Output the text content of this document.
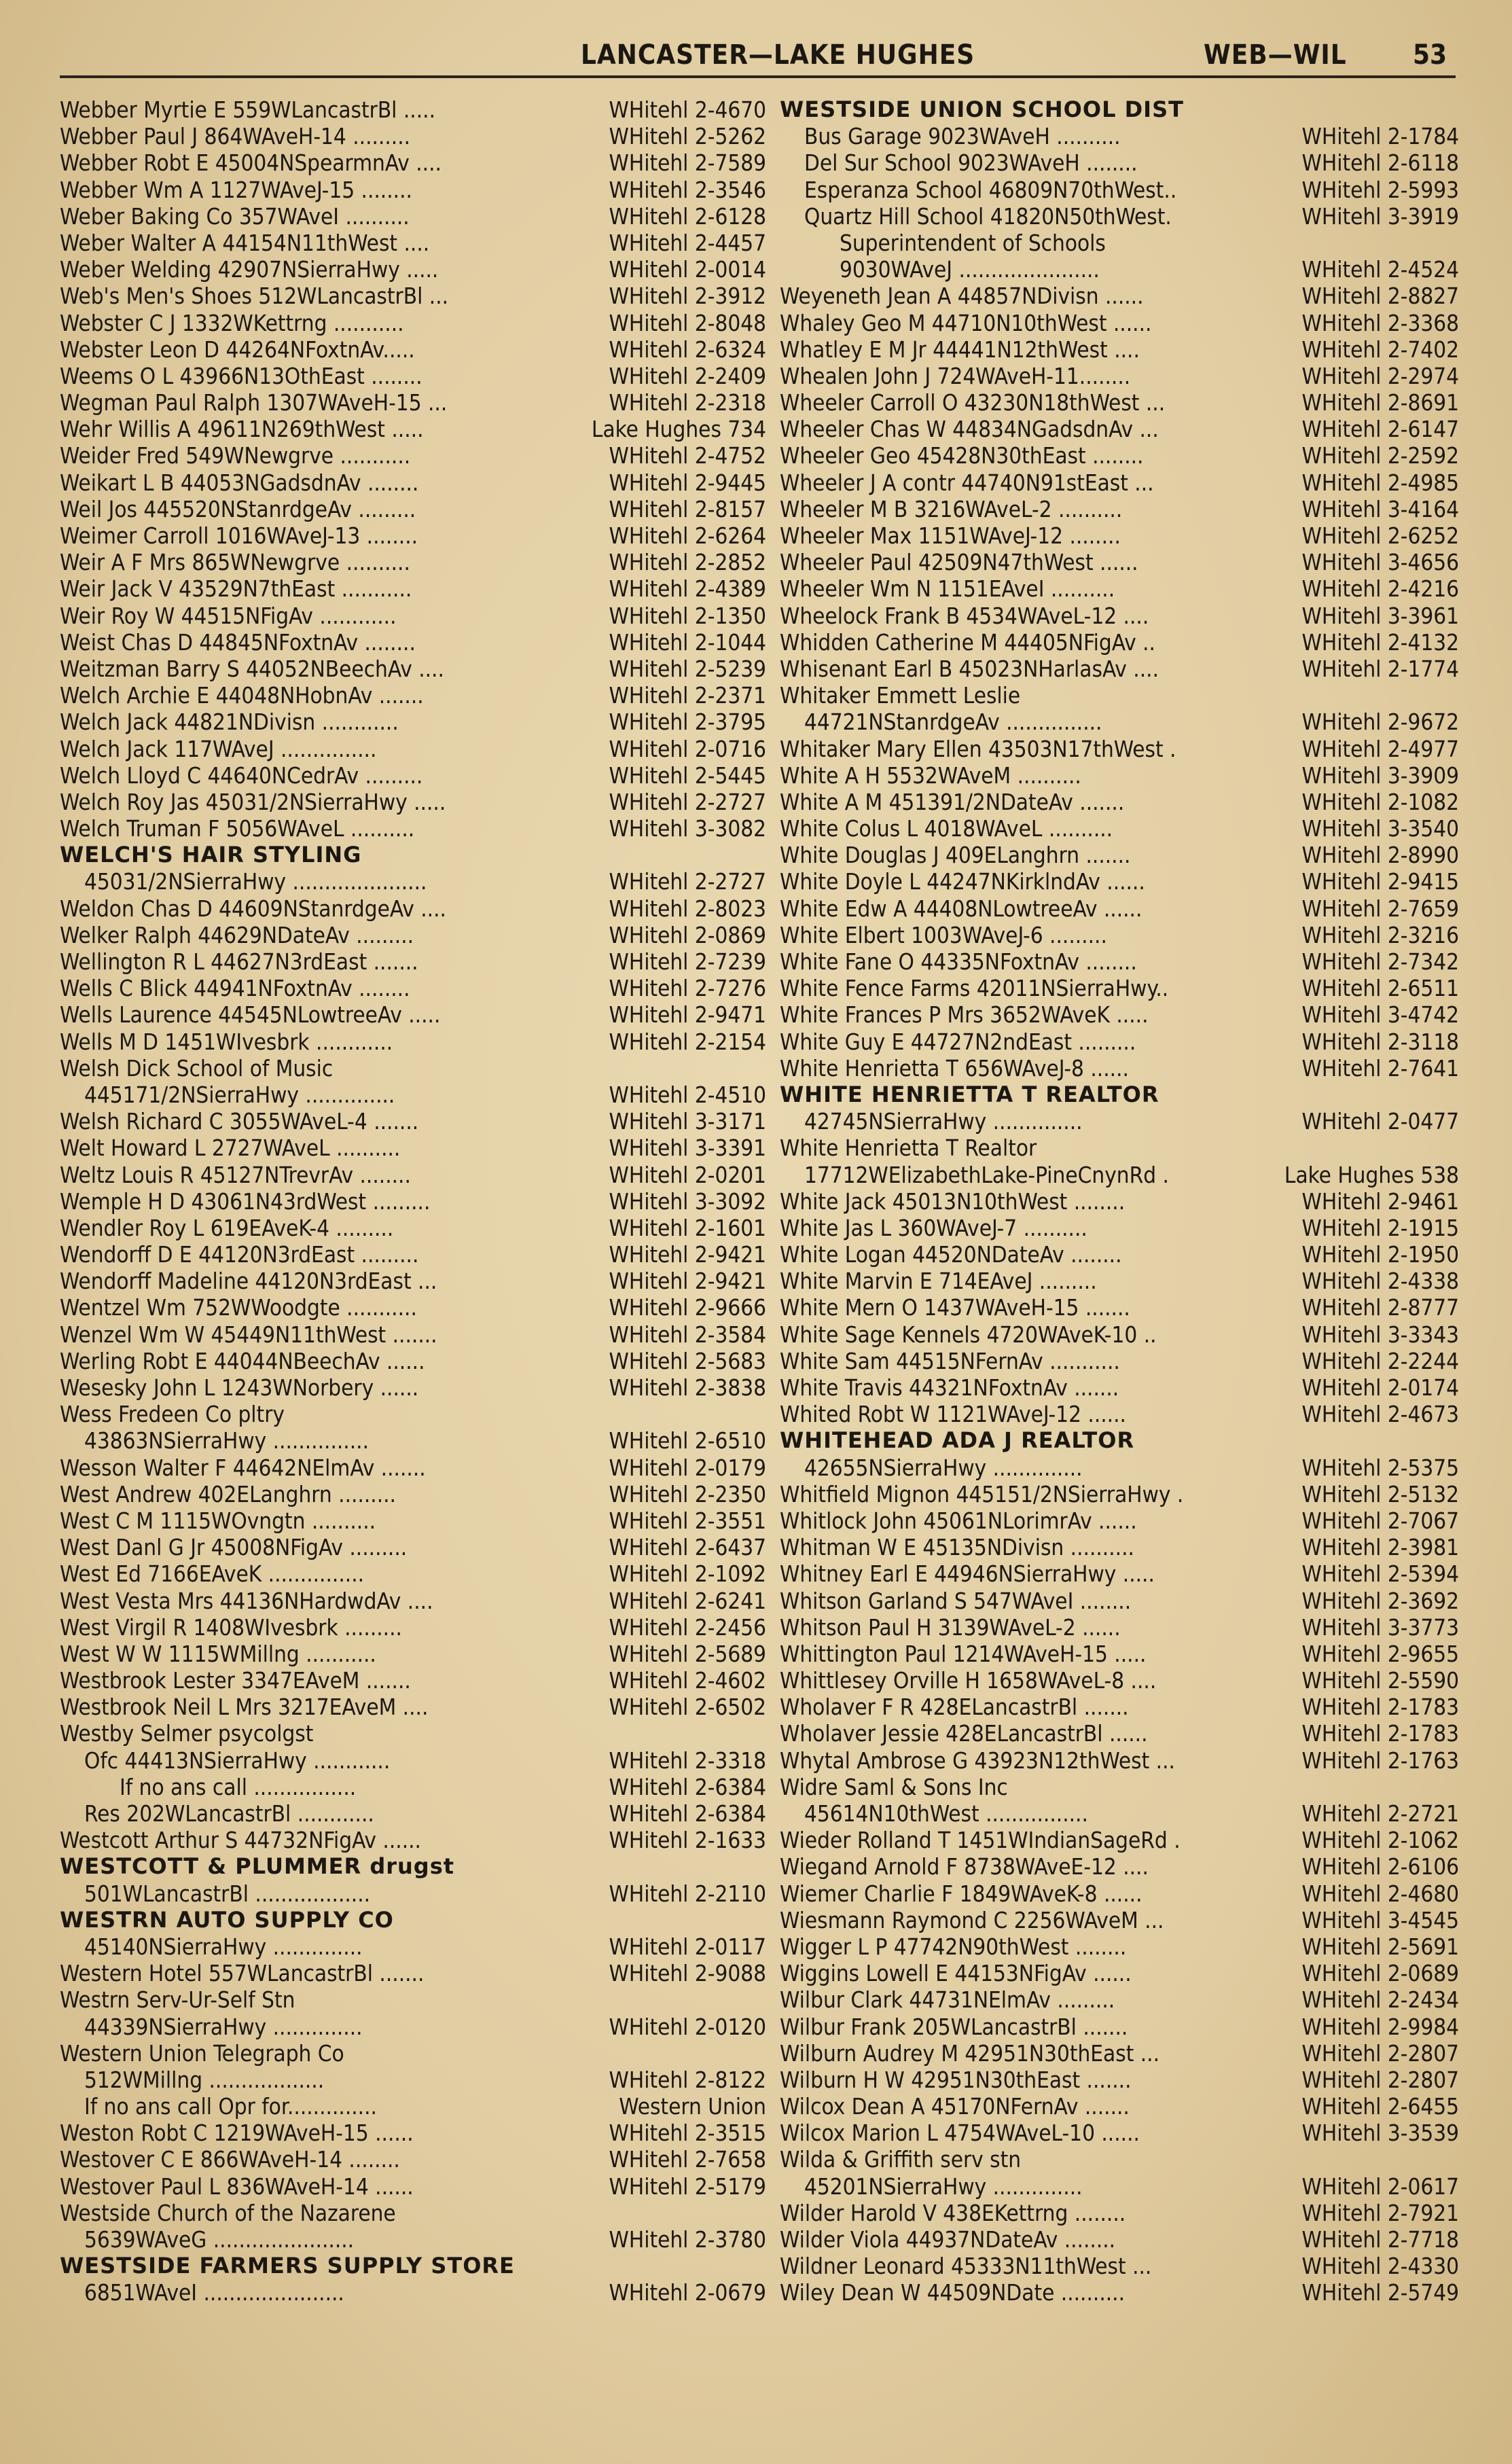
LANCASTER—LAKE HUGHES	WEB—WIL 53
Webber Myrtie E 559WLancastrBl .....	WHitehl 2-4670
Webber Paul J 864WAveH-14 .........	WHitehl 2-5262
Webber Robt E 45004NSpearmnAv ....	WHitehl 2-7589
Webber Wm A 1127WAveJ-15 ........	WHitehl 2-3546
Weber Baking Co 357WAveI ..........	WHitehl 2-6128
Weber Walter A 44154N11thWest ....	WHitehl 2-4457
Weber Welding 42907NSierraHwy .....	WHitehl 2-0014
Web's Men's Shoes 512WLancastrBl ...	WHitehl 2-3912
Webster C J 1332WKettrng ...........	WHitehl 2-8048
Webster Leon D 44264NFoxtnAv.....	WHitehl 2-6324
Weems O L 43966N13OthEast ........	WHitehl 2-2409
Wegman Paul Ralph 1307WAveH-15 ...	WHitehl 2-2318
Wehr Willis A 49611N269thWest .....	Lake Hughes 734
Weider Fred 549WNewgrve ...........	WHitehl 2-4752
Weikart L B 44053NGadsdnAv ........	WHitehl 2-9445
Weil Jos 445520NStanrdgeAv .........	WHitehl 2-8157
Weimer Carroll 1016WAveJ-13 ........	WHitehl 2-6264
Weir A F Mrs 865WNewgrve ..........	WHitehl 2-2852
Weir Jack V 43529N7thEast ...........	WHitehl 2-4389
Weir Roy W 44515NFigAv ............	WHitehl 2-1350
Weist Chas D 44845NFoxtnAv ........	WHitehl 2-1044
Weitzman Barry S 44052NBeechAv ....	WHitehl 2-5239
Welch Archie E 44048NHobnAv .......	WHitehl 2-2371
Welch Jack 44821NDivisn ............	WHitehl 2-3795
Welch Jack 117WAveJ ...............	WHitehl 2-0716
Welch Lloyd C 44640NCedrAv .........	WHitehl 2-5445
Welch Roy Jas 45031/2NSierraHwy .....	WHitehl 2-2727
Welch Truman F 5056WAveL ..........	WHitehl 3-3082
WELCH'S HAIR STYLING
45031/2NSierraHwy .....................	WHitehl 2-2727
Weldon Chas D 44609NStanrdgeAv ....	WHitehl 2-8023
Welker Ralph 44629NDateAv .........	WHitehl 2-0869
Wellington R L 44627N3rdEast .......	WHitehl 2-7239
Wells C Blick 44941NFoxtnAv ........	WHitehl 2-7276
Wells Laurence 44545NLowtreeAv .....	WHitehl 2-9471
Wells M D 1451WIvesbrk ............	WHitehl 2-2154
Welsh Dick School of Music
445171/2NSierraHwy ..............	WHitehl 2-4510
Welsh Richard C 3055WAveL-4 .......	WHitehl 3-3171
Welt Howard L 2727WAveL ..........	WHitehl 3-3391
Weltz Louis R 45127NTrevrAv ........	WHitehl 2-0201
Wemple H D 43061N43rdWest .........	WHitehl 3-3092
Wendler Roy L 619EAveK-4 .........	WHitehl 2-1601
Wendorff D E 44120N3rdEast .........	WHitehl 2-9421
Wendorff Madeline 44120N3rdEast ...	WHitehl 2-9421
Wentzel Wm 752WWoodgte ...........	WHitehl 2-9666
Wenzel Wm W 45449N11thWest .......	WHitehl 2-3584
Werling Robt E 44044NBeechAv ......	WHitehl 2-5683
Wesesky John L 1243WNorbery ......	WHitehl 2-3838
Wess Fredeen Co pltry
43863NSierraHwy ...............	WHitehl 2-6510
Wesson Walter F 44642NElmAv .......	WHitehl 2-0179
West Andrew 402ELanghrn .........	WHitehl 2-2350
West C M 1115WOvngtn ..........	WHitehl 2-3551
West Danl G Jr 45008NFigAv .........	WHitehl 2-6437
West Ed 7166EAveK ...............	WHitehl 2-1092
West Vesta Mrs 44136NHardwdAv ....	WHitehl 2-6241
West Virgil R 1408WIvesbrk .........	WHitehl 2-2456
West W W 1115WMillng ...........	WHitehl 2-5689
Westbrook Lester 3347EAveM .......	WHitehl 2-4602
Westbrook Neil L Mrs 3217EAveM ....	WHitehl 2-6502
Westby Selmer psycolgst
Ofc 44413NSierraHwy ............	WHitehl 2-3318
If no ans call ................	WHitehl 2-6384
Res 202WLancastrBl ............	WHitehl 2-6384
Westcott Arthur S 44732NFigAv ......	WHitehl 2-1633
WESTCOTT & PLUMMER drugst
501WLancastrBl ..................	WHitehl 2-2110
WESTRN AUTO SUPPLY CO
45140NSierraHwy ..............	WHitehl 2-0117
Western Hotel 557WLancastrBl .......	WHitehl 2-9088
Westrn Serv-Ur-Self Stn
44339NSierraHwy ..............	WHitehl 2-0120
Western Union Telegraph Co
512WMillng ..................	WHitehl 2-8122
If no ans call Opr for..............	Western Union
Weston Robt C 1219WAveH-15 ......	WHitehl 2-3515
Westover C E 866WAveH-14 ........	WHitehl 2-7658
Westover Paul L 836WAveH-14 ......	WHitehl 2-5179
Westside Church of the Nazarene
5639WAveG ......................	WHitehl 2-3780
WESTSIDE FARMERS SUPPLY STORE
6851WAveI ......................	WHitehl 2-0679
WESTSIDE UNION SCHOOL DIST
Bus Garage 9023WAveH ..........	WHitehl 2-1784
Del Sur School 9023WAveH ........	WHitehl 2-6118
Esperanza School 46809N70thWest..	WHitehl 2-5993
Quartz Hill School 41820N50thWest.	WHitehl 3-3919
Superintendent of Schools
9030WAveJ ......................	WHitehl 2-4524
Weyeneth Jean A 44857NDivisn ......	WHitehl 2-8827
Whaley Geo M 44710N10thWest ......	WHitehl 2-3368
Whatley E M Jr 44441N12thWest ....	WHitehl 2-7402
Whealen John J 724WAveH-11........	WHitehl 2-2974
Wheeler Carroll O 43230N18thWest ...	WHitehl 2-8691
Wheeler Chas W 44834NGadsdnAv ...	WHitehl 2-6147
Wheeler Geo 45428N30thEast ........	WHitehl 2-2592
Wheeler J A contr 44740N91stEast ...	WHitehl 2-4985
Wheeler M B 3216WAveL-2 ..........	WHitehl 3-4164
Wheeler Max 1151WAveJ-12 ........	WHitehl 2-6252
Wheeler Paul 42509N47thWest ......	WHitehl 3-4656
Wheeler Wm N 1151EAveI ..........	WHitehl 2-4216
Wheelock Frank B 4534WAveL-12 ....	WHitehl 3-3961
Whidden Catherine M 44405NFigAv ..	WHitehl 2-4132
Whisenant Earl B 45023NHarlasAv ....	WHitehl 2-1774
Whitaker Emmett Leslie
44721NStanrdgeAv ...............	WHitehl 2-9672
Whitaker Mary Ellen 43503N17thWest .	WHitehl 2-4977
White A H 5532WAveM ..........	WHitehl 3-3909
White A M 451391/2NDateAv .......	WHitehl 2-1082
White Colus L 4018WAveL ..........	WHitehl 3-3540
White Douglas J 409ELanghrn .......	WHitehl 2-8990
White Doyle L 44247NKirklndAv ......	WHitehl 2-9415
White Edw A 44408NLowtreeAv ......	WHitehl 2-7659
White Elbert 1003WAveJ-6 .........	WHitehl 2-3216
White Fane O 44335NFoxtnAv ........	WHitehl 2-7342
White Fence Farms 42011NSierraHwy..	WHitehl 2-6511
White Frances P Mrs 3652WAveK .....	WHitehl 3-4742
White Guy E 44727N2ndEast .........	WHitehl 2-3118
White Henrietta T 656WAveJ-8 ......	WHitehl 2-7641
WHITE HENRIETTA T REALTOR
42745NSierraHwy ..............	WHitehl 2-0477
White Henrietta T Realtor
17712WElizabethLake-PineCnynRd .	Lake Hughes 538
White Jack 45013N10thWest ........	WHitehl 2-9461
White Jas L 360WAveJ-7 ..........	WHitehl 2-1915
White Logan 44520NDateAv ........	WHitehl 2-1950
White Marvin E 714EAveJ .........	WHitehl 2-4338
White Mern O 1437WAveH-15 .......	WHitehl 2-8777
White Sage Kennels 4720WAveK-10 ..	WHitehl 3-3343
White Sam 44515NFernAv ...........	WHitehl 2-2244
White Travis 44321NFoxtnAv .......	WHitehl 2-0174
Whited Robt W 1121WAveJ-12 ......	WHitehl 2-4673
WHITEHEAD ADA J REALTOR
42655NSierraHwy ..............	WHitehl 2-5375
Whitfield Mignon 445151/2NSierraHwy .	WHitehl 2-5132
Whitlock John 45061NLorimrAv ......	WHitehl 2-7067
Whitman W E 45135NDivisn ..........	WHitehl 2-3981
Whitney Earl E 44946NSierraHwy .....	WHitehl 2-5394
Whitson Garland S 547WAveI ........	WHitehl 2-3692
Whitson Paul H 3139WAveL-2 ......	WHitehl 3-3773
Whittington Paul 1214WAveH-15 .....	WHitehl 2-9655
Whittlesey Orville H 1658WAveL-8 ....	WHitehl 2-5590
Wholaver F R 428ELancastrBl .......	WHitehl 2-1783
Wholaver Jessie 428ELancastrBl ......	WHitehl 2-1783
Whytal Ambrose G 43923N12thWest ...	WHitehl 2-1763
Widre Saml & Sons Inc
45614N10thWest ................	WHitehl 2-2721
Wieder Rolland T 1451WIndianSageRd .	WHitehl 2-1062
Wiegand Arnold F 8738WAveE-12 ....	WHitehl 2-6106
Wiemer Charlie F 1849WAveK-8 ......	WHitehl 2-4680
Wiesmann Raymond C 2256WAveM ...	WHitehl 3-4545
Wigger L P 47742N90thWest ........	WHitehl 2-5691
Wiggins Lowell E 44153NFigAv ......	WHitehl 2-0689
Wilbur Clark 44731NElmAv .........	WHitehl 2-2434
Wilbur Frank 205WLancastrBl .......	WHitehl 2-9984
Wilburn Audrey M 42951N30thEast ...	WHitehl 2-2807
Wilburn H W 42951N30thEast .......	WHitehl 2-2807
Wilcox Dean A 45170NFernAv .......	WHitehl 2-6455
Wilcox Marion L 4754WAveL-10 ......	WHitehl 3-3539
Wilda & Griffith serv stn
45201NSierraHwy ..............	WHitehl 2-0617
Wilder Harold V 438EKettrng ........	WHitehl 2-7921
Wilder Viola 44937NDateAv ........	WHitehl 2-7718
Wildner Leonard 45333N11thWest ...	WHitehl 2-4330
Wiley Dean W 44509NDate ..........	WHitehl 2-5749
